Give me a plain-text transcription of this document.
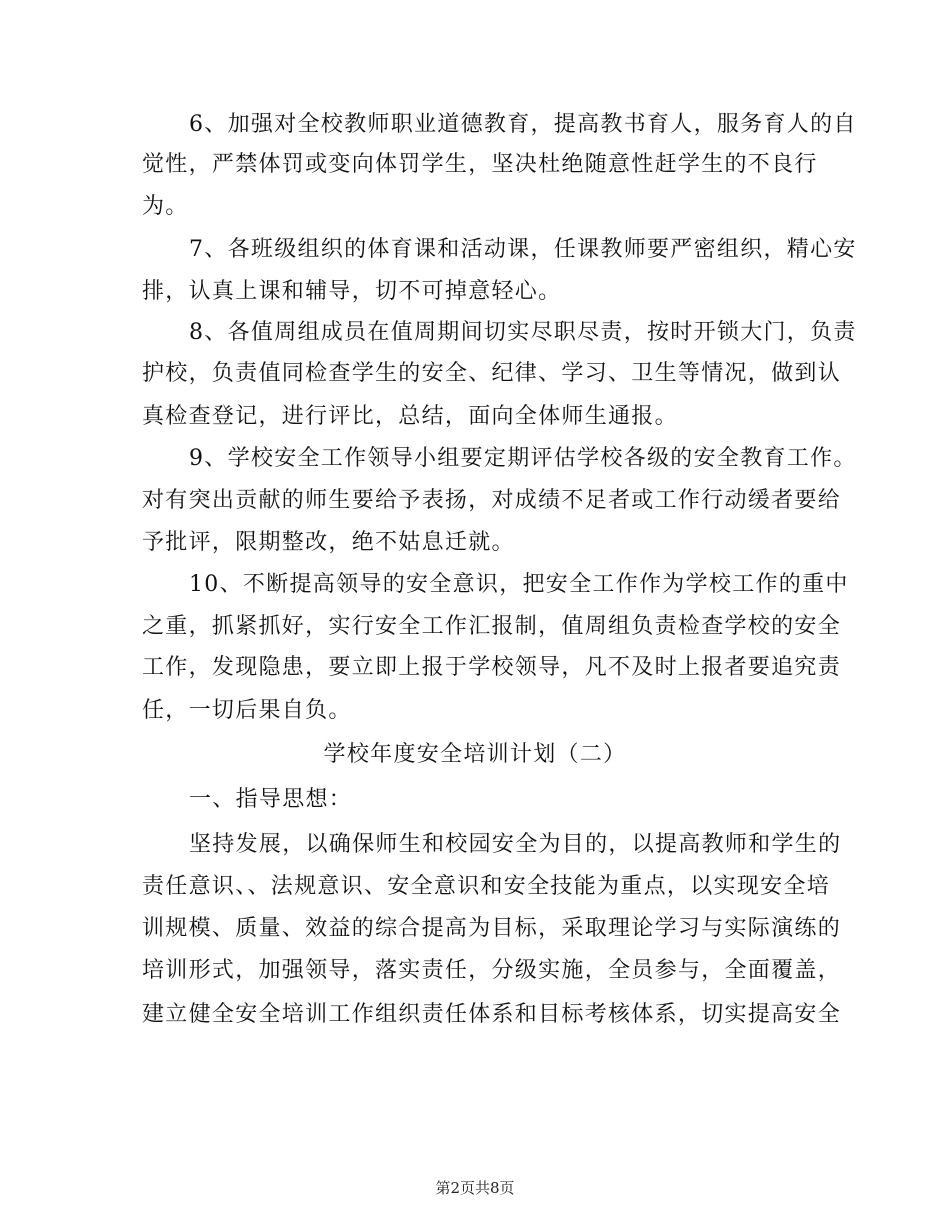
6、加强对全校教师职业道德教育，提高教书育人，服务育人的自
觉性，严禁体罚或变向体罚学生，坚决杜绝随意性赶学生的不良行
为。
7、各班级组织的体育课和活动课，任课教师要严密组织，精心安
排，认真上课和辅导，切不可掉意轻心。
8、各值周组成员在值周期间切实尽职尽责，按时开锁大门，负责
护校，负责值同检查学生的安全、纪律、学习、卫生等情况，做到认
真检查登记，进行评比，总结，面向全体师生通报。
9、学校安全工作领导小组要定期评估学校各级的安全教育工作。
对有突出贡献的师生要给予表扬，对成绩不足者或工作行动缓者要给
予批评，限期整改，绝不姑息迁就。
10、不断提高领导的安全意识，把安全工作作为学校工作的重中
之重，抓紧抓好，实行安全工作汇报制，值周组负责检查学校的安全
工作，发现隐患，要立即上报于学校领导，凡不及时上报者要追究责
任，一切后果自负。
学校年度安全培训计划（二）
一、指导思想：
坚持发展，以确保师生和校园安全为目的，以提高教师和学生的
责任意识、、法规意识、安全意识和安全技能为重点，以实现安全培
训规模、质量、效益的综合提高为目标，采取理论学习与实际演练的
培训形式，加强领导，落实责任，分级实施，全员参与，全面覆盖，
建立健全安全培训工作组织责任体系和目标考核体系，切实提高安全
第2页共8页
